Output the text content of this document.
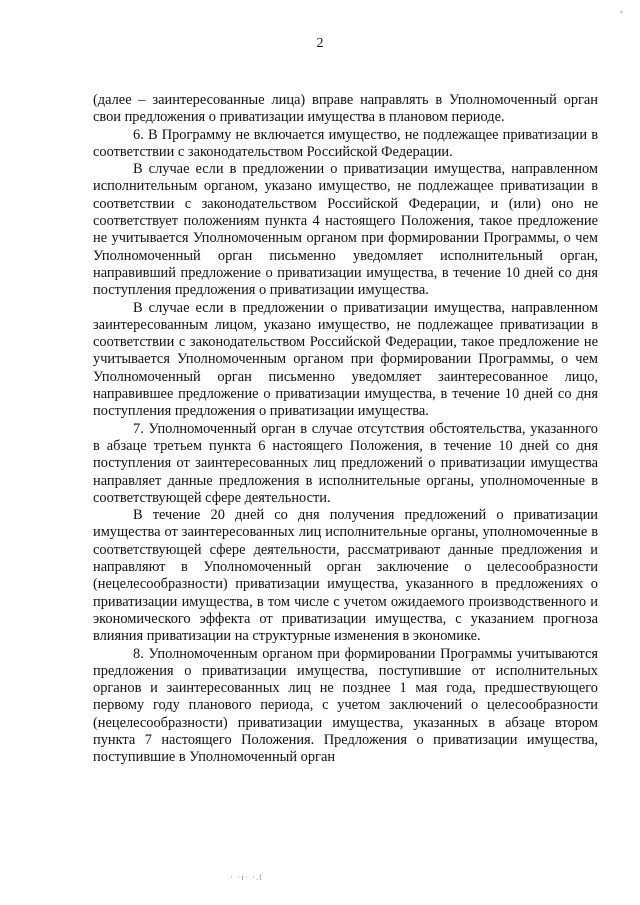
'
2

(далее – заинтересованные лица) вправе направлять в Уполномоченный орган свои предложения о приватизации имущества в плановом периоде.

6. В Программу не включается имущество, не подлежащее приватизации в соответствии с законодательством Российской Федерации.

В случае если в предложении о приватизации имущества, направленном исполнительным органом, указано имущество, не подлежащее приватизации в соответствии с законодательством Российской Федерации, и (или) оно не соответствует положениям пункта 4 настоящего Положения, такое предложение не учитывается Уполномоченным органом при формировании Программы, о чем Уполномоченный орган письменно уведомляет исполнительный орган, направивший предложение о приватизации имущества, в течение 10 дней со дня поступления предложения о приватизации имущества.

В случае если в предложении о приватизации имущества, направленном заинтересованным лицом, указано имущество, не подлежащее приватизации в соответствии с законодательством Российской Федерации, такое предложение не учитывается Уполномоченным органом при формировании Программы, о чем Уполномоченный орган письменно уведомляет заинтересованное лицо, направившее предложение о приватизации имущества, в течение 10 дней со дня поступления предложения о приватизации имущества.

7. Уполномоченный орган в случае отсутствия обстоятельства, указанного в абзаце третьем пункта 6 настоящего Положения, в течение 10 дней со дня поступления от заинтересованных лиц предложений о приватизации имущества направляет данные предложения в исполнительные органы, уполномоченные в соответствующей сфере деятельности.

В течение 20 дней со дня получения предложений о приватизации имущества от заинтересованных лиц исполнительные органы, уполномоченные в соответствующей сфере деятельности, рассматривают данные предложения и направляют в Уполномоченный орган заключение о целесообразности (нецелесообразности) приватизации имущества, указанного в предложениях о приватизации имущества, в том числе с учетом ожидаемого производственного и экономического эффекта от приватизации имущества, с указанием прогноза влияния приватизации на структурные изменения в экономике.

8. Уполномоченным органом при формировании Программы учитываются предложения о приватизации имущества, поступившие от исполнительных органов и заинтересованных лиц не позднее 1 мая года, предшествующего первому году планового периода, с учетом заключений о целесообразности (нецелесообразности) приватизации имущества, указанных в абзаце втором пункта 7 настоящего Положения. Предложения о приватизации имущества, поступившие в Уполномоченный орган

· ·ı· ·.t
